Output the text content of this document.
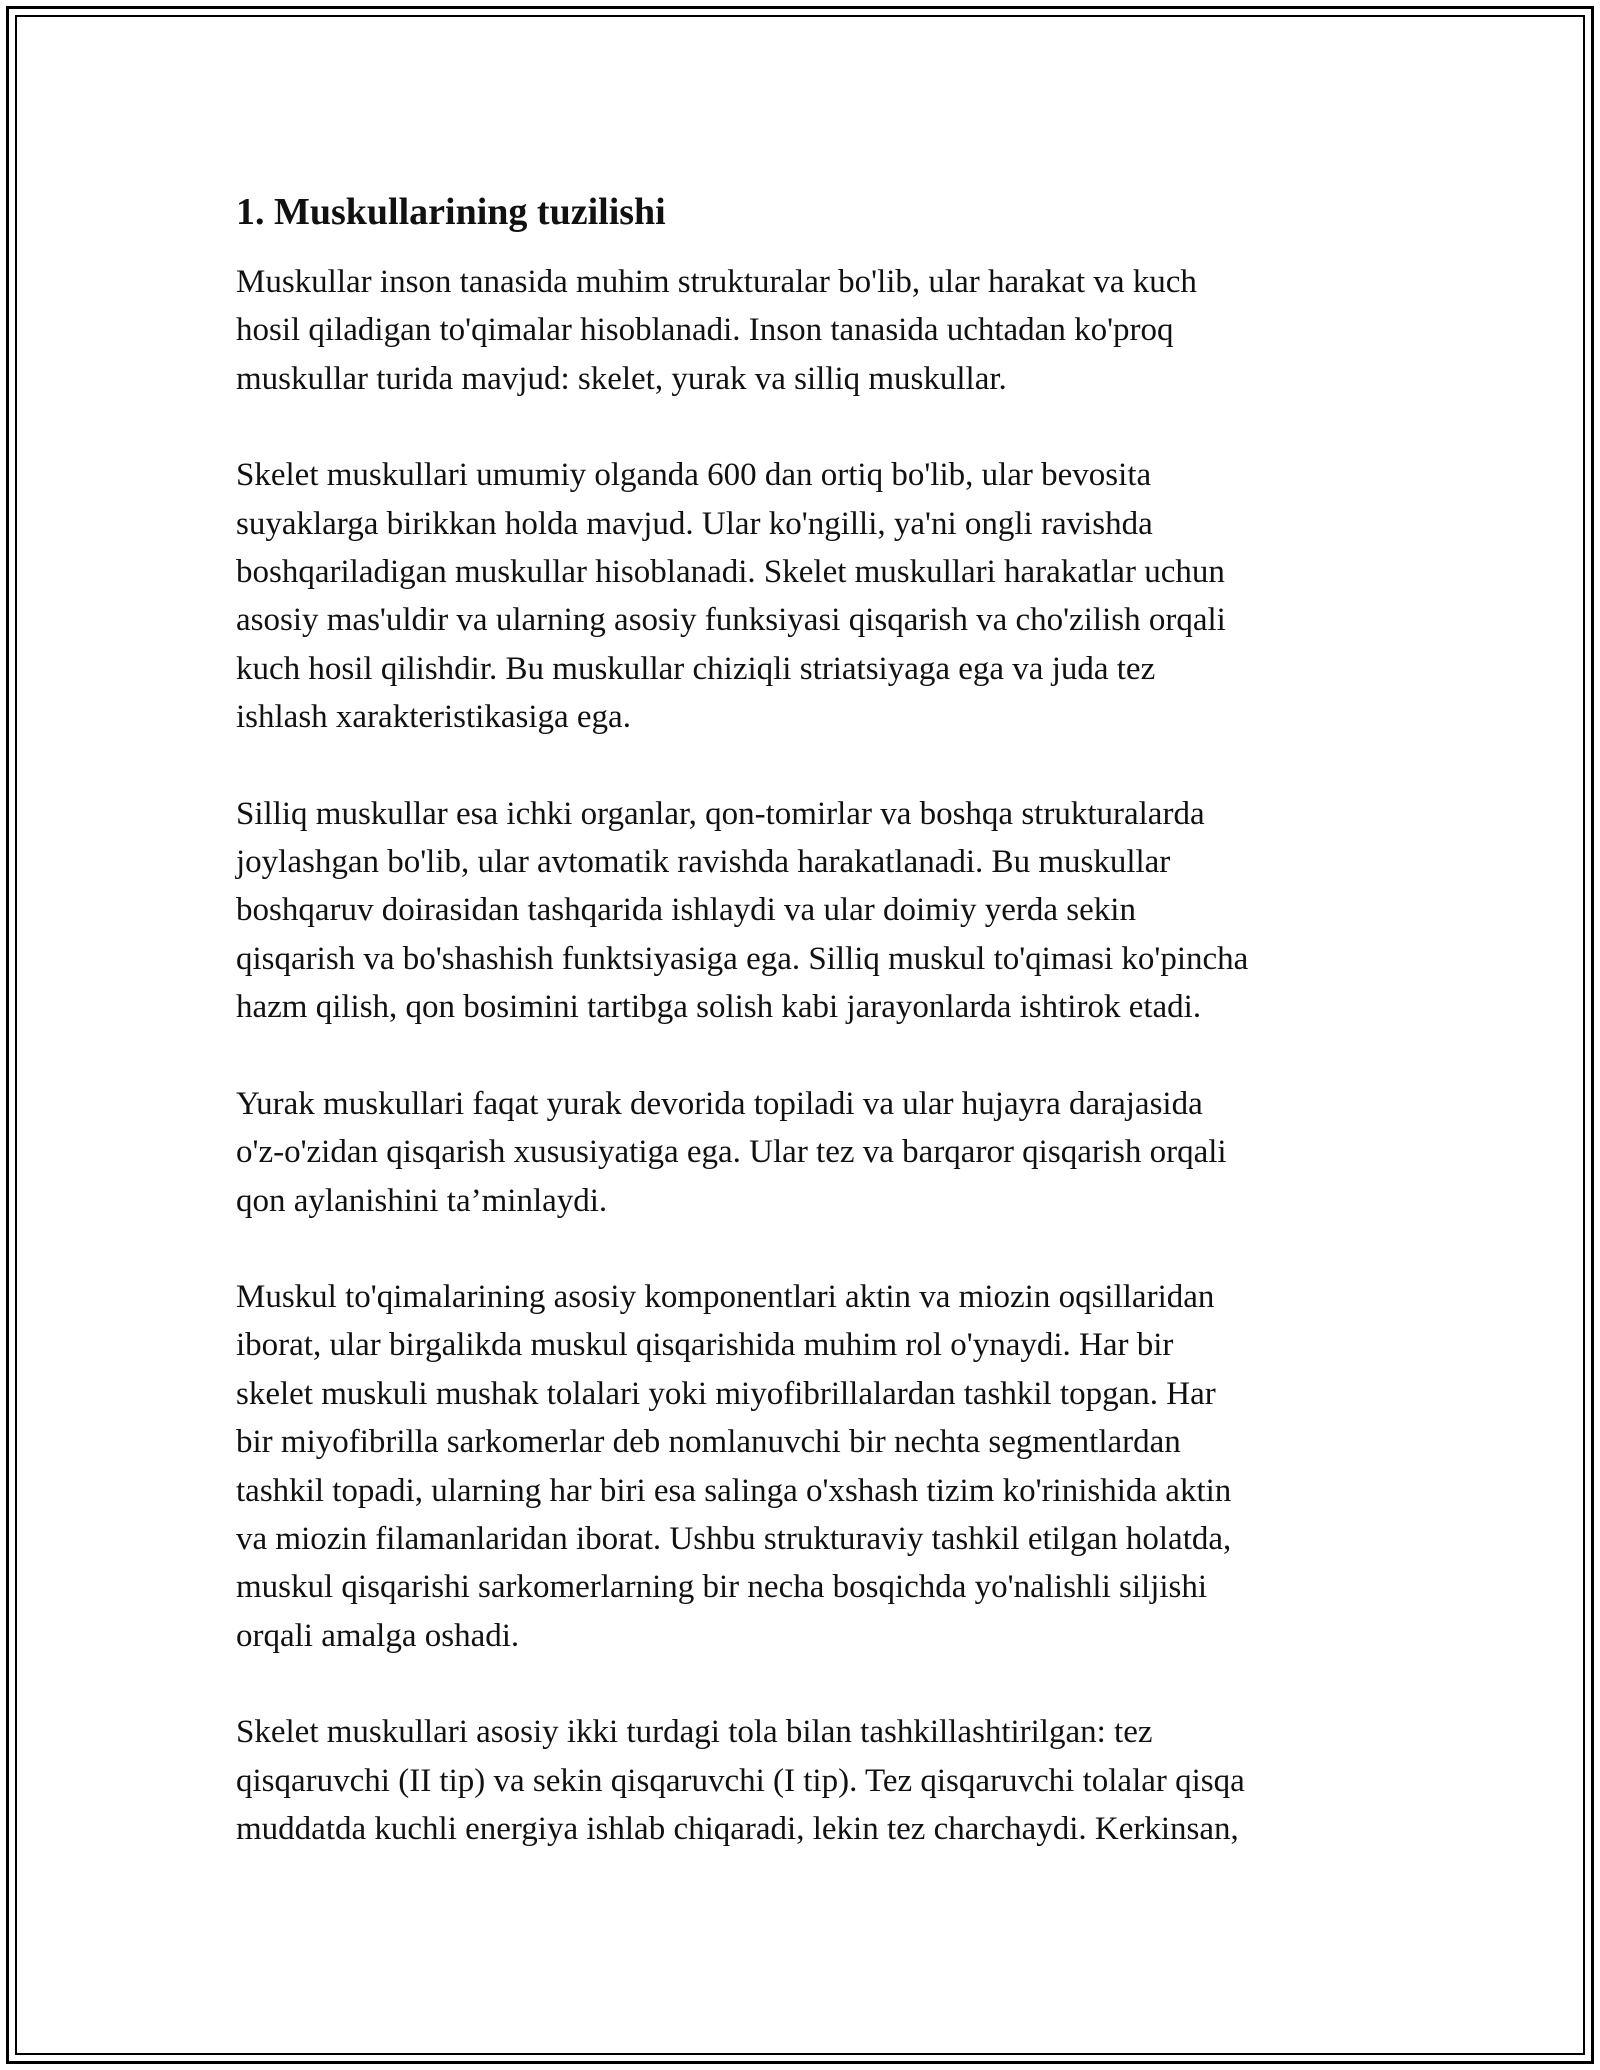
1. Muskullarining tuzilishi

Muskullar inson tanasida muhim strukturalar bo'lib, ular harakat va kuch
hosil qiladigan to'qimalar hisoblanadi. Inson tanasida uchtadan ko'proq
muskullar turida mavjud: skelet, yurak va silliq muskullar.

Skelet muskullari umumiy olganda 600 dan ortiq bo'lib, ular bevosita
suyaklarga birikkan holda mavjud. Ular ko'ngilli, ya'ni ongli ravishda
boshqariladigan muskullar hisoblanadi. Skelet muskullari harakatlar uchun
asosiy mas'uldir va ularning asosiy funksiyasi qisqarish va cho'zilish orqali
kuch hosil qilishdir. Bu muskullar chiziqli striatsiyaga ega va juda tez
ishlash xarakteristikasiga ega.

Silliq muskullar esa ichki organlar, qon-tomirlar va boshqa strukturalarda
joylashgan bo'lib, ular avtomatik ravishda harakatlanadi. Bu muskullar
boshqaruv doirasidan tashqarida ishlaydi va ular doimiy yerda sekin
qisqarish va bo'shashish funktsiyasiga ega. Silliq muskul to'qimasi ko'pincha
hazm qilish, qon bosimini tartibga solish kabi jarayonlarda ishtirok etadi.

Yurak muskullari faqat yurak devorida topiladi va ular hujayra darajasida
o'z-o'zidan qisqarish xususiyatiga ega. Ular tez va barqaror qisqarish orqali
qon aylanishini ta’minlaydi.

Muskul to'qimalarining asosiy komponentlari aktin va miozin oqsillaridan
iborat, ular birgalikda muskul qisqarishida muhim rol o'ynaydi. Har bir
skelet muskuli mushak tolalari yoki miyofibrillalardan tashkil topgan. Har
bir miyofibrilla sarkomerlar deb nomlanuvchi bir nechta segmentlardan
tashkil topadi, ularning har biri esa salinga o'xshash tizim ko'rinishida aktin
va miozin filamanlaridan iborat. Ushbu strukturaviy tashkil etilgan holatda,
muskul qisqarishi sarkomerlarning bir necha bosqichda yo'nalishli siljishi
orqali amalga oshadi.

Skelet muskullari asosiy ikki turdagi tola bilan tashkillashtirilgan: tez
qisqaruvchi (II tip) va sekin qisqaruvchi (I tip). Tez qisqaruvchi tolalar qisqa
muddatda kuchli energiya ishlab chiqaradi, lekin tez charchaydi. Kerkinsan,
